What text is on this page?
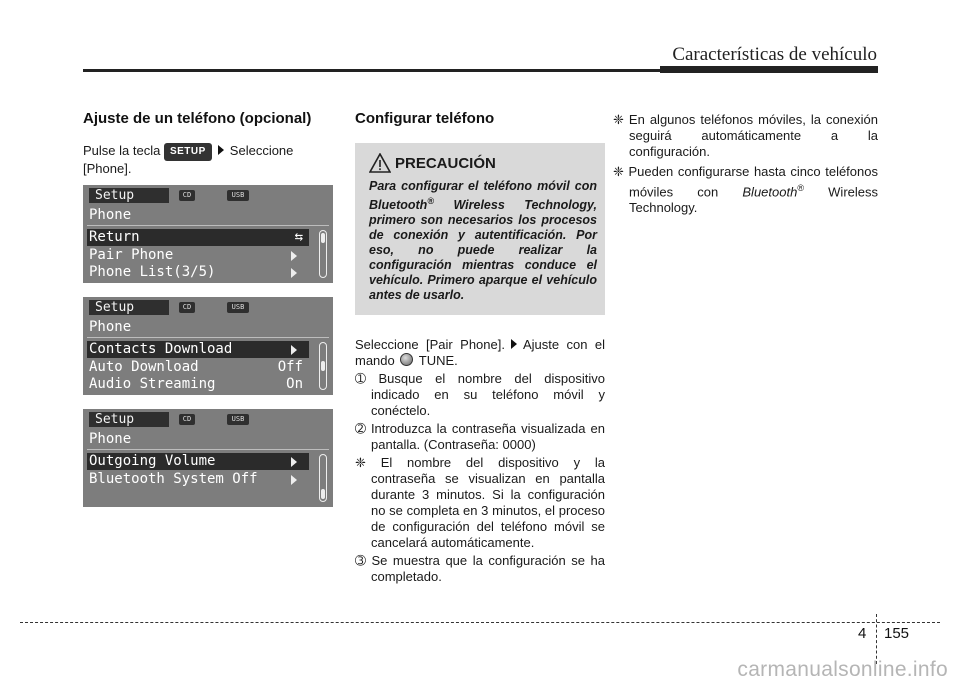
Características de vehículo
Ajuste de un teléfono (opcional)
Pulse la tecla SETUP Seleccione
[Phone].
Setup	CD	USB
Phone
Return	⇆
Pair Phone
Phone List(3/5)
Setup	CD	USB
Phone
Contacts Download
Auto Download	Off
Audio Streaming	On
Setup	CD	USB
Phone
Outgoing Volume
Bluetooth System Off
Configurar teléfono
PRECAUCIÓN
Para configurar el teléfono móvil con Bluetooth® Wireless Technology, primero son necesarios los procesos de conexión y autentificación. Por eso, no puede realizar la configuración mientras conduce el vehículo. Primero aparque el vehículo antes de usarlo.
Seleccione [Pair Phone]. Ajuste con el mando TUNE.
➀ Busque el nombre del dispositivo indicado en su teléfono móvil y conéctelo.
➁ Introduzca la contraseña visualizada en pantalla. (Contraseña: 0000)
❈ El nombre del dispositivo y la contraseña se visualizan en pantalla durante 3 minutos. Si la configuración no se completa en 3 minutos, el proceso de configuración del teléfono móvil se cancelará automáticamente.
➂ Se muestra que la configuración se ha completado.
❈ En algunos teléfonos móviles, la conexión seguirá automáticamente a la configuración.
❈ Pueden configurarse hasta cinco teléfonos móviles con Bluetooth® Wireless Technology.
4 155
carmanualsonline.info
